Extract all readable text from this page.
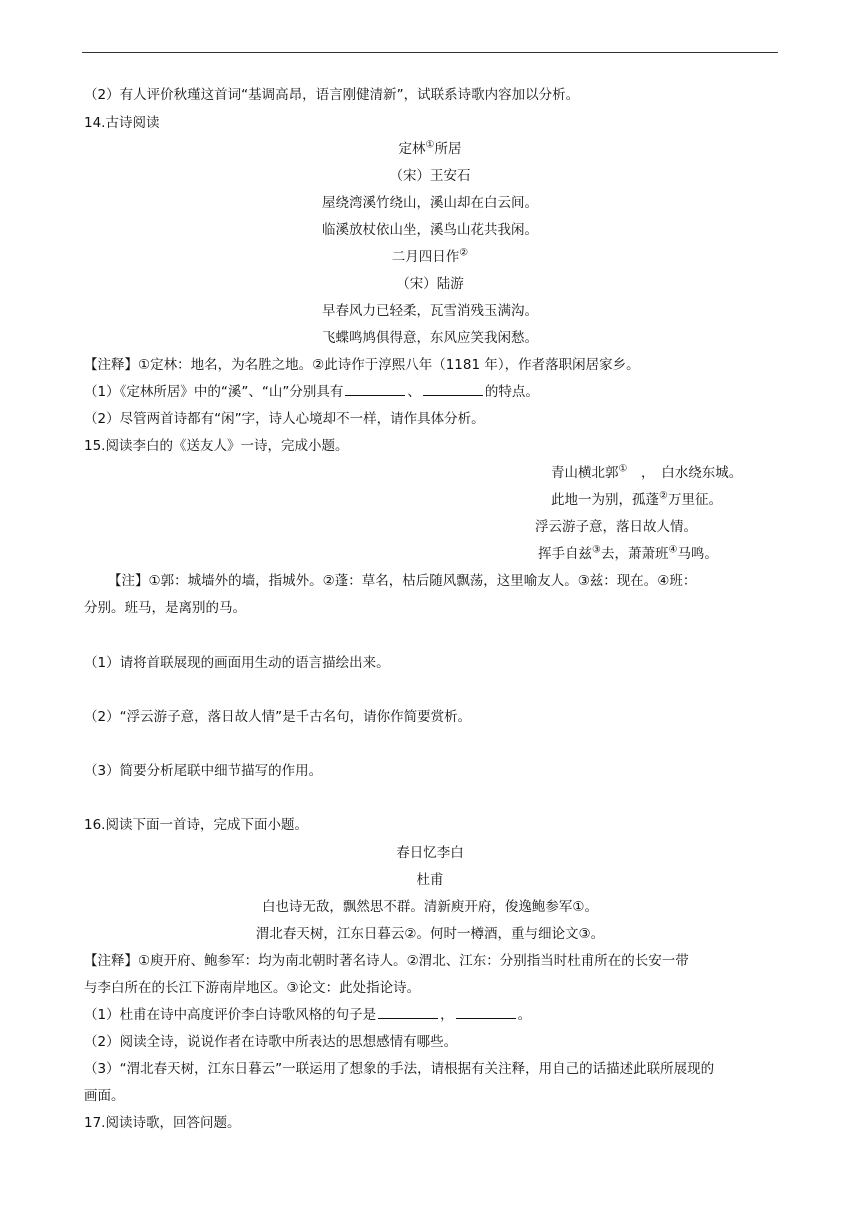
（2）有人评价秋瑾这首词“基调高昂，语言刚健清新”，试联系诗歌内容加以分析。
14.古诗阅读
定林①所居
（宋）王安石
屋绕湾溪竹绕山，溪山却在白云间。
临溪放杖依山坐，溪鸟山花共我闲。
二月四日作②
（宋）陆游
早春风力已轻柔，瓦雪消残玉满沟。
飞蝶鸣鸠俱得意，东风应笑我闲愁。
【注释】①定林：地名，为名胜之地。②此诗作于淳熙八年（1181 年），作者落职闲居家乡。
（1）《定林所居》中的“溪”、“山”分别具有	、	的特点。
（2）尽管两首诗都有“闲”字，诗人心境却不一样，请作具体分析。
15.阅读李白的《送友人》一诗，完成小题。
青山横北郭①　，　白水绕东城。
此地一为别，孤蓬②万里征。
浮云游子意，落日故人情。
挥手自兹③去，萧萧班④马鸣。
【注】①郭：城墙外的墙，指城外。②蓬：草名，枯后随风飘荡，这里喻友人。③兹：现在。④班：
分别。班马，是离别的马。
（1）请将首联展现的画面用生动的语言描绘出来。
（2）“浮云游子意，落日故人情”是千古名句，请你作简要赏析。
（3）简要分析尾联中细节描写的作用。
16.阅读下面一首诗，完成下面小题。
春日忆李白
杜甫
白也诗无敌，飘然思不群。清新庾开府，俊逸鲍参军①。
渭北春天树，江东日暮云②。何时一樽酒，重与细论文③。
【注释】①庾开府、鲍参军：均为南北朝时著名诗人。②渭北、江东：分别指当时杜甫所在的长安一带
与李白所在的长江下游南岸地区。③论文：此处指论诗。
（1）杜甫在诗中高度评价李白诗歌风格的句子是	，	。
（2）阅读全诗，说说作者在诗歌中所表达的思想感情有哪些。
（3）“渭北春天树，江东日暮云”一联运用了想象的手法，请根据有关注释，用自己的话描述此联所展现的
画面。
17.阅读诗歌，回答问题。
